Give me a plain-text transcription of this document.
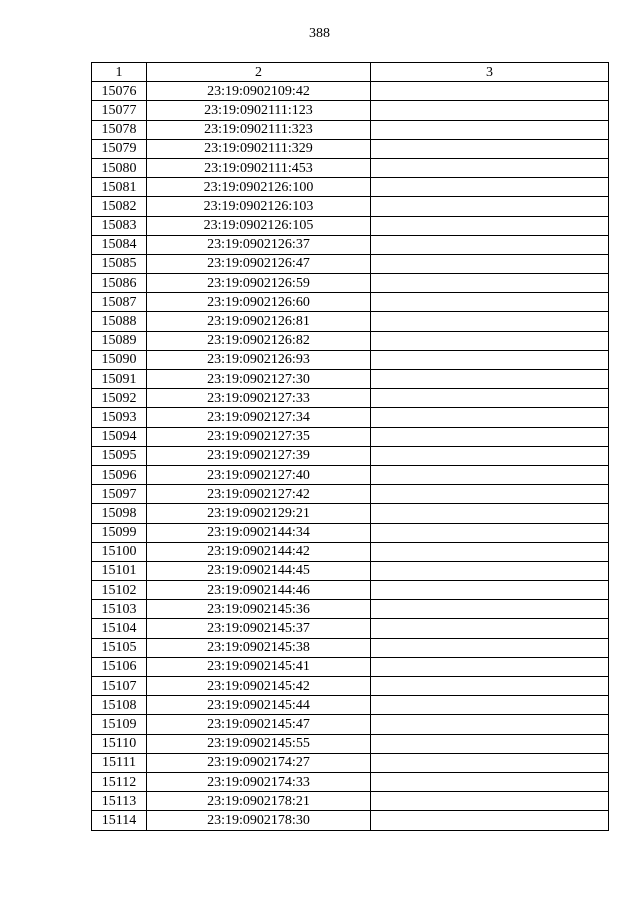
388
1	2	3
15076	23:19:0902109:42	
15077	23:19:0902111:123	
15078	23:19:0902111:323	
15079	23:19:0902111:329	
15080	23:19:0902111:453	
15081	23:19:0902126:100	
15082	23:19:0902126:103	
15083	23:19:0902126:105	
15084	23:19:0902126:37	
15085	23:19:0902126:47	
15086	23:19:0902126:59	
15087	23:19:0902126:60	
15088	23:19:0902126:81	
15089	23:19:0902126:82	
15090	23:19:0902126:93	
15091	23:19:0902127:30	
15092	23:19:0902127:33	
15093	23:19:0902127:34	
15094	23:19:0902127:35	
15095	23:19:0902127:39	
15096	23:19:0902127:40	
15097	23:19:0902127:42	
15098	23:19:0902129:21	
15099	23:19:0902144:34	
15100	23:19:0902144:42	
15101	23:19:0902144:45	
15102	23:19:0902144:46	
15103	23:19:0902145:36	
15104	23:19:0902145:37	
15105	23:19:0902145:38	
15106	23:19:0902145:41	
15107	23:19:0902145:42	
15108	23:19:0902145:44	
15109	23:19:0902145:47	
15110	23:19:0902145:55	
15111	23:19:0902174:27	
15112	23:19:0902174:33	
15113	23:19:0902178:21	
15114	23:19:0902178:30	
